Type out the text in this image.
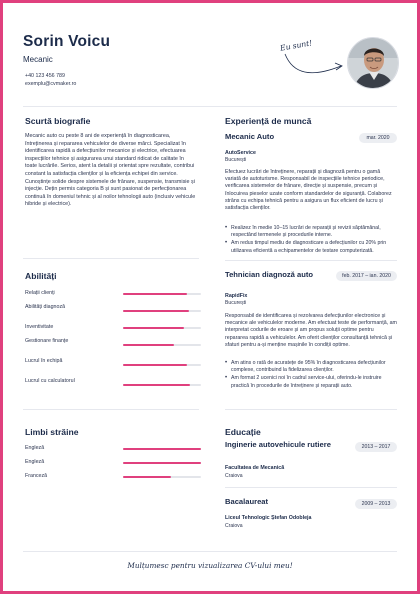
Sorin Voicu
Mecanic
+40 123 456 789
exemplu@cvmaker.ro
Eu sunt!
Scurtă biografie
Mecanic auto cu peste 8 ani de experiență în diagnosticarea, întreținerea și repararea vehiculelor de diverse mărci. Specializat în identificarea rapidă a defecțiunilor mecanice și electrice, efectuarea inspecțiilor tehnice și asigurarea unui standard ridicat de calitate în toate lucrările. Serios, atent la detalii și orientat spre rezultate, contribui constant la satisfacția clienților și la eficiența echipei din service. Cunoștințe solide despre sistemele de frânare, suspensie, transmisie și injecție. Dețin permis categoria B și sunt pasionat de perfecționarea continuă în domeniul tehnic și al noilor tehnologii auto (inclusiv vehicule hibride și electrice).
Experiență de muncă
Mecanic Auto	mar. 2020
AutoService
București
Efectuez lucrări de întreținere, reparații și diagnoză pentru o gamă variată de autoturisme. Responsabil de inspecțiile tehnice periodice, verificarea sistemelor de frânare, direcție și suspensie, precum și înlocuirea pieselor uzate conform standardelor de siguranță. Colaborez strâns cu echipa tehnică pentru a asigura un flux eficient de lucru și satisfacția clienților.
• Realizez în medie 10–15 lucrări de reparații și revizii săptămânal, respectând termenele și procedurile interne.
• Am redus timpul mediu de diagnosticare a defecțiunilor cu 20% prin utilizarea eficientă a echipamentelor de testare computerizată.
Tehnician diagnoză auto	feb. 2017 – ian. 2020
RapidFix
București
Responsabil de identificarea și rezolvarea defecțiunilor electronice și mecanice ale vehiculelor moderne. Am efectuat teste de performanță, am interpretat codurile de eroare și am propus soluții optime pentru repararea rapidă a vehiculelor. Am oferit clienților consultanță tehnică și sfaturi pentru a-și menține mașinile în condiții optime.
• Am atins o rată de acuratețe de 95% în diagnosticarea defecțiunilor complexe, contribuind la fidelizarea clienților.
• Am format 2 ucenici noi în cadrul service-ului, oferindu-le instruire practică în procedurile de întreținere și reparații auto.
Abilități
Relații clienți
Abilități diagnoză
Inventivitate
Gestionare finanțe
Lucrul în echipă
Lucrul cu calculatorul
Limbi străine
Engleză
Engleză
Franceză
Educație
Inginerie autovehicule rutiere	2013 – 2017
Facultatea de Mecanică
Craiova
Bacalaureat	2009 – 2013
Liceul Tehnologic Ștefan Odobleja
Craiova
Mulțumesc pentru vizualizarea CV-ului meu!
